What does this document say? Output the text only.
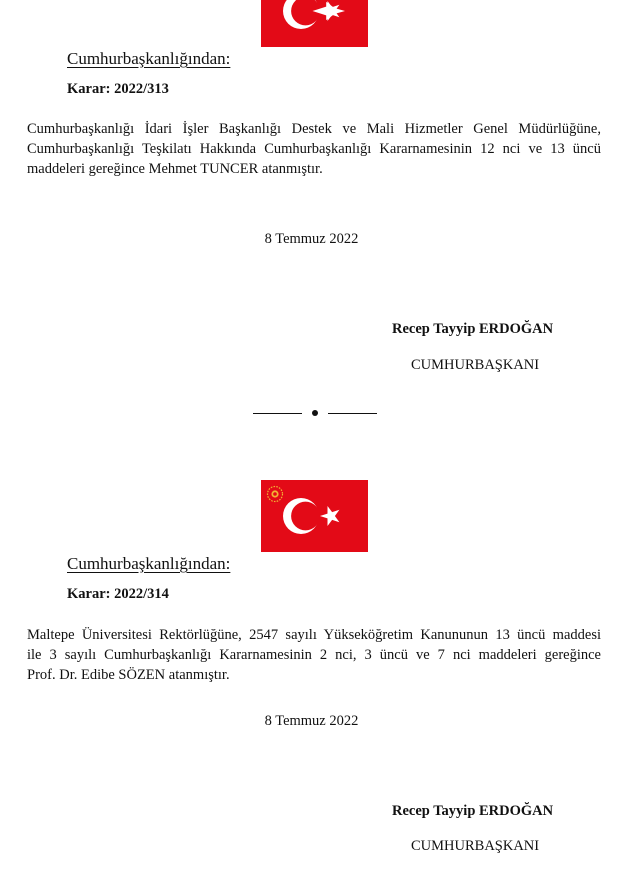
Cumhurbaşkanlığından:

Karar: 2022/313

Cumhurbaşkanlığı İdari İşler Başkanlığı Destek ve Mali Hizmetler Genel Müdürlüğüne,
Cumhurbaşkanlığı Teşkilatı Hakkında Cumhurbaşkanlığı Kararnamesinin 12 nci ve 13 üncü
maddeleri gereğince Mehmet TUNCER atanmıştır.

8 Temmuz 2022

Recep Tayyip ERDOĞAN

CUMHURBAŞKANI

Cumhurbaşkanlığından:

Karar: 2022/314

Maltepe Üniversitesi Rektörlüğüne, 2547 sayılı Yükseköğretim Kanununun 13 üncü maddesi
ile 3 sayılı Cumhurbaşkanlığı Kararnamesinin 2 nci, 3 üncü ve 7 nci maddeleri gereğince
Prof. Dr. Edibe SÖZEN atanmıştır.

8 Temmuz 2022

Recep Tayyip ERDOĞAN

CUMHURBAŞKANI
